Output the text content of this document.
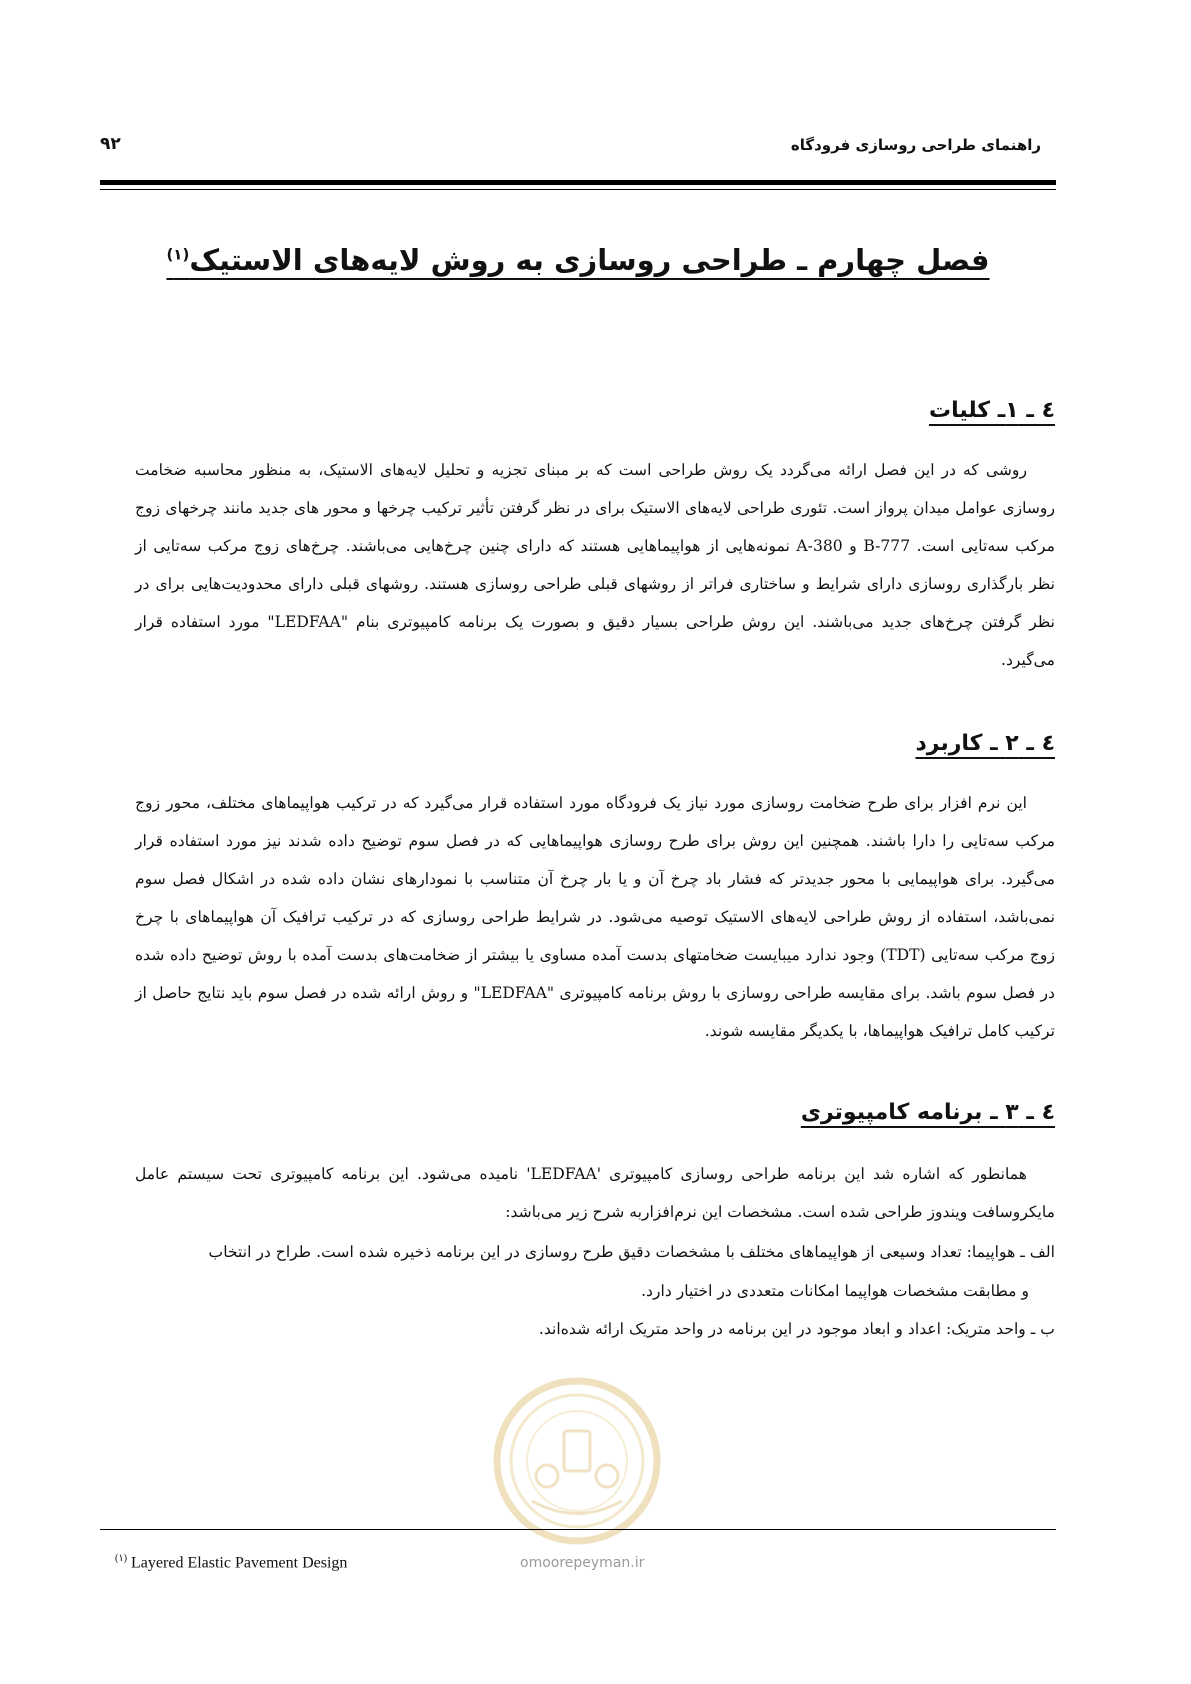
راهنمای طراحی روسازی فرودگاه
۹۲
فصل چهارم ـ طراحی روسازی به روش لایه‌های الاستیک$^{(۱)}$
٤ ـ ١ـ کلیات

روشی که در این فصل ارائه می‌گردد یک روش طراحی است که بر مبنای تجزیه و تحلیل لایه‌های الاستیک، به منظور محاسبه ضخامت روسازی عوامل میدان پرواز است. تئوری طراحی لایه‌های الاستیک برای در نظر گرفتن تأثیر ترکیب چرخها و محور های جدید مانند چرخهای زوج مرکب سه‌تایی است. B-777 و A-380 نمونه‌هایی از هواپیماهایی هستند که دارای چنین چرخ‌هایی می‌باشند. چرخ‌های زوج مرکب سه‌تایی از نظر بارگذاری روسازی دارای شرایط و ساختاری فراتر از روشهای قبلی طراحی روسازی هستند. روشهای قبلی دارای محدودیت‌هایی برای در نظر گرفتن چرخ‌های جدید می‌باشند. این روش طراحی بسیار دقیق و بصورت یک برنامه کامپیوتری بنام "LEDFAA" مورد استفاده قرار می‌گیرد.

٤ ـ ٢ ـ کاربرد

این نرم افزار برای طرح ضخامت روسازی مورد نیاز یک فرودگاه مورد استفاده قرار می‌گیرد که در ترکیب هواپیماهای مختلف، محور زوج مرکب سه‌تایی را دارا باشند. همچنین این روش برای طرح روسازی هواپیماهایی که در فصل سوم توضیح داده شدند نیز مورد استفاده قرار می‌گیرد. برای هواپیمایی با محور جدیدتر که فشار باد چرخ آن و یا بار چرخ آن متناسب با نمودارهای نشان داده شده در اشکال فصل سوم نمی‌باشد، استفاده از روش طراحی لایه‌های الاستیک توصیه می‌شود. در شرایط طراحی روسازی که در ترکیب ترافیک آن هواپیماهای با چرخ زوج مرکب سه‌تایی (TDT) وجود ندارد میبایست ضخامتهای بدست آمده مساوی یا بیشتر از ضخامت‌های بدست آمده با روش توضیح داده شده در فصل سوم باشد. برای مقایسه طراحی روسازی با روش برنامه کامپیوتری "LEDFAA" و روش ارائه شده در فصل سوم باید نتایج حاصل از ترکیب کامل ترافیک هواپیماها، با یکدیگر مقایسه شوند.

٤ ـ ٣ ـ برنامه کامپیوتری

همانطور که اشاره شد این برنامه طراحی روسازی کامپیوتری 'LEDFAA' نامیده می‌شود. این برنامه کامپیوتری تحت سیستم عامل مایکروسافت ویندوز طراحی شده است. مشخصات این نرم‌افزاربه شرح زیر می‌باشد:

الف ـ هواپیما: تعداد وسیعی از هواپیماهای مختلف با مشخصات دقیق طرح روسازی در این برنامه ذخیره شده است. طراح در انتخاب
و مطابقت مشخصات هواپیما امکانات متعددی در اختیار دارد.
ب ـ واحد متریک: اعداد و ابعاد موجود در این برنامه در واحد متریک ارائه شده‌اند.
omoorepeyman.ir
$^{(۱)}$ Layered Elastic Pavement Design
